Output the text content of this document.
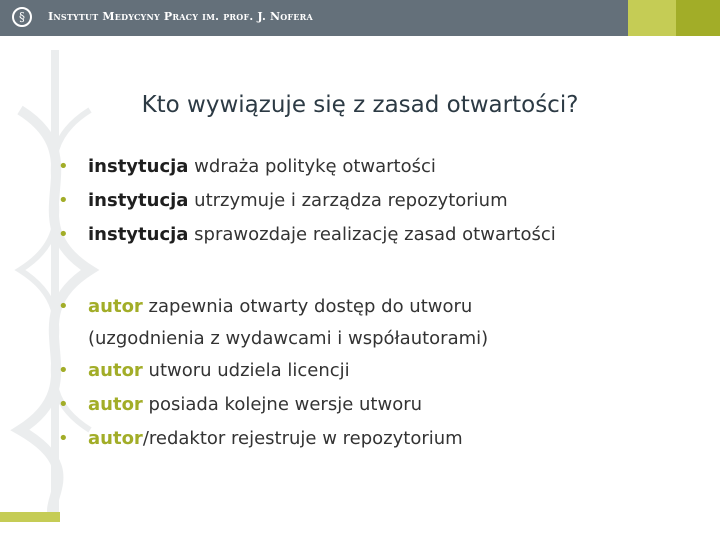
§	Instytut Medycyny Pracy im. prof. J. Nofera
Kto wywiązuje się z zasad otwartości?
• instytucja wdraża politykę otwartości
• instytucja utrzymuje i zarządza repozytorium
• instytucja sprawozdaje realizację zasad otwartości
• autor zapewnia otwarty dostęp do utworu
(uzgodnienia z wydawcami i współautorami)
• autor utworu udziela licencji
• autor posiada kolejne wersje utworu
• autor/redaktor rejestruje w repozytorium
